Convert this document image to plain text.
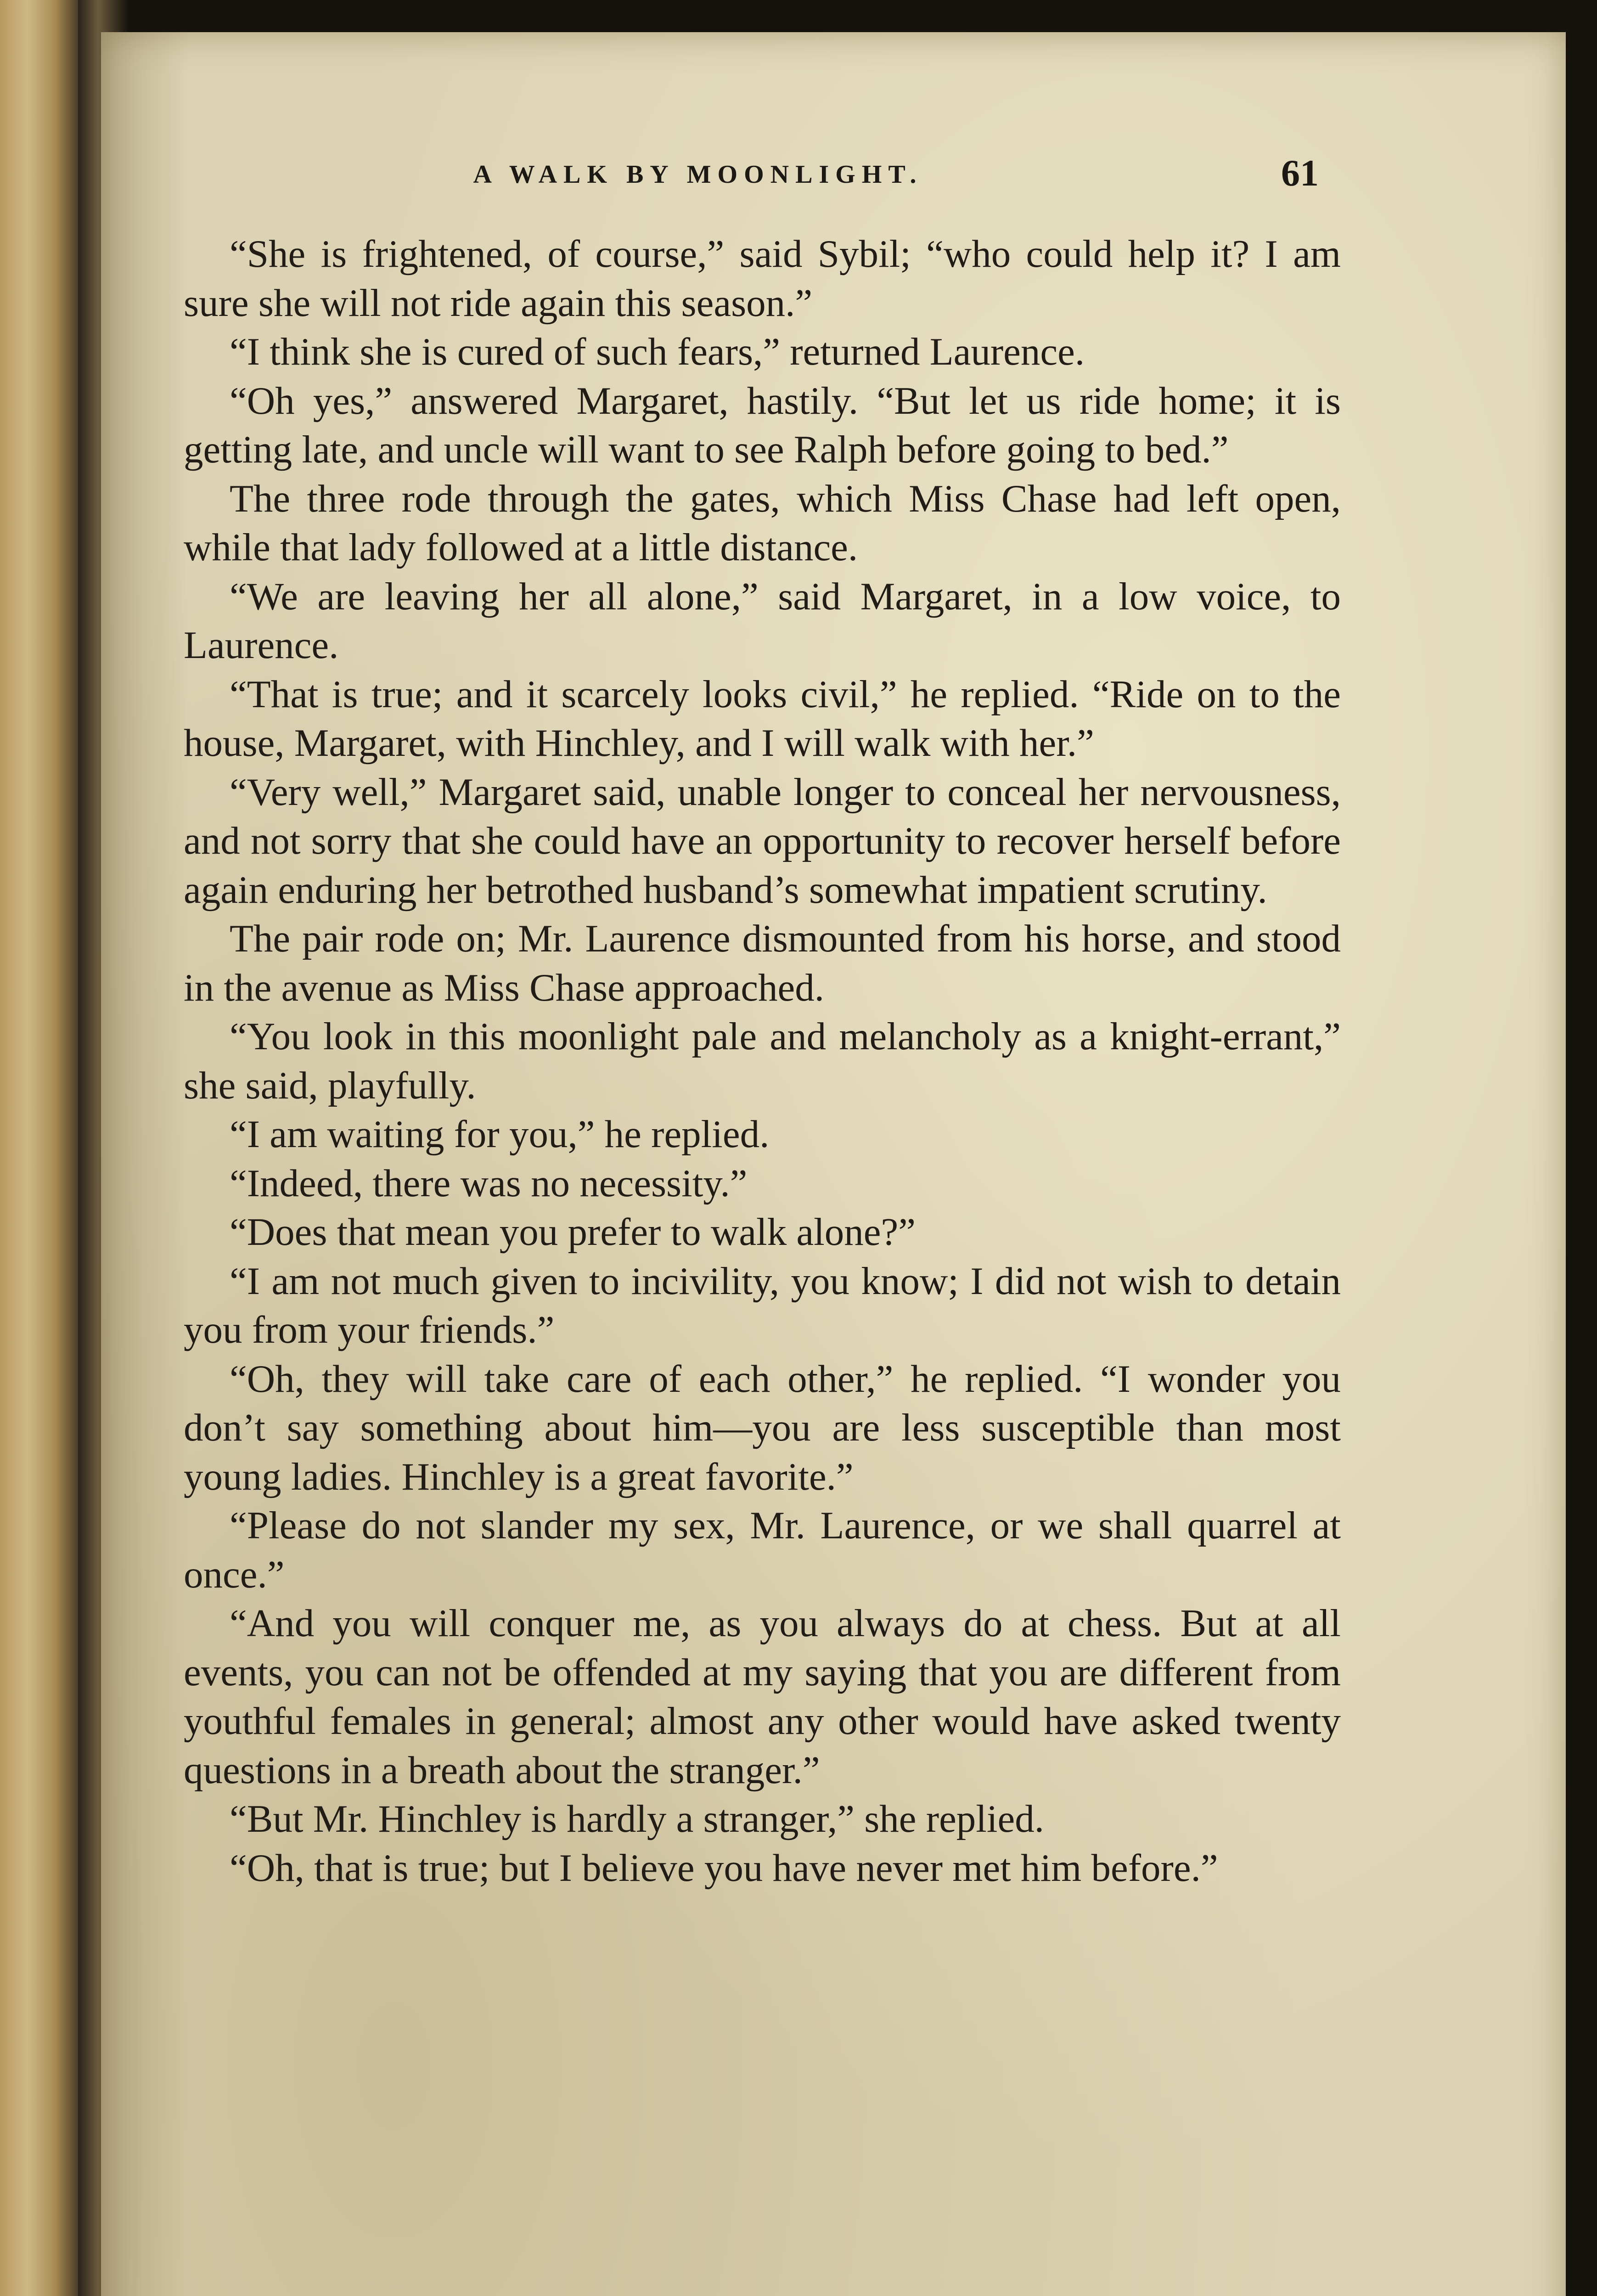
A WALK BY MOONLIGHT.	61

“She is frightened, of course,” said Sybil; “who could help it? I am sure she will not ride again this season.”

“I think she is cured of such fears,” returned Laurence.

“Oh yes,” answered Margaret, hastily. “But let us ride home; it is getting late, and uncle will want to see Ralph before going to bed.”

The three rode through the gates, which Miss Chase had left open, while that lady followed at a little distance.

“We are leaving her all alone,” said Margaret, in a low voice, to Laurence.

“That is true; and it scarcely looks civil,” he replied. “Ride on to the house, Margaret, with Hinchley, and I will walk with her.”

“Very well,” Margaret said, unable longer to conceal her nervousness, and not sorry that she could have an opportunity to recover herself before again enduring her betrothed husband’s somewhat impatient scrutiny.

The pair rode on; Mr. Laurence dismounted from his horse, and stood in the avenue as Miss Chase approached.

“You look in this moonlight pale and melancholy as a knight-errant,” she said, playfully.

“I am waiting for you,” he replied.

“Indeed, there was no necessity.”

“Does that mean you prefer to walk alone?”

“I am not much given to incivility, you know; I did not wish to detain you from your friends.”

“Oh, they will take care of each other,” he replied. “I wonder you don’t say something about him—you are less susceptible than most young ladies. Hinchley is a great favorite.”

“Please do not slander my sex, Mr. Laurence, or we shall quarrel at once.”

“And you will conquer me, as you always do at chess. But at all events, you can not be offended at my saying that you are different from youthful females in general; almost any other would have asked twenty questions in a breath about the stranger.”

“But Mr. Hinchley is hardly a stranger,” she replied.

“Oh, that is true; but I believe you have never met him before.”
